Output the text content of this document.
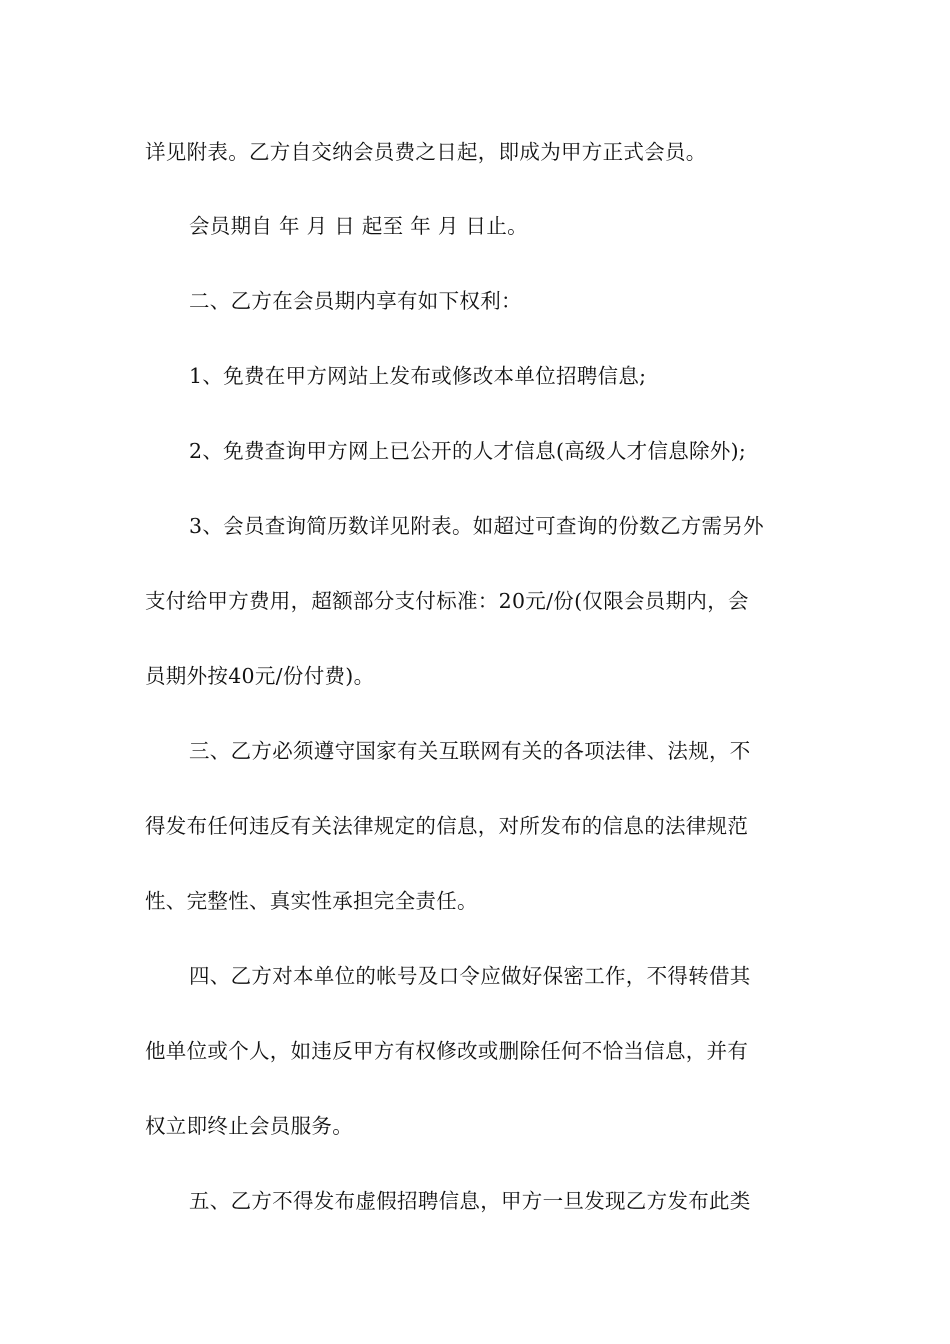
详见附表。乙方自交纳会员费之日起，即成为甲方正式会员。
会员期自 年 月 日 起至 年 月 日止。
二、乙方在会员期内享有如下权利：
1、免费在甲方网站上发布或修改本单位招聘信息;
2、免费查询甲方网上已公开的人才信息(高级人才信息除外);
3、会员查询简历数详见附表。如超过可查询的份数乙方需另外
支付给甲方费用，超额部分支付标准：20元/份(仅限会员期内，会
员期外按40元/份付费)。
三、乙方必须遵守国家有关互联网有关的各项法律、法规，不
得发布任何违反有关法律规定的信息，对所发布的信息的法律规范
性、完整性、真实性承担完全责任。
四、乙方对本单位的帐号及口令应做好保密工作，不得转借其
他单位或个人，如违反甲方有权修改或删除任何不恰当信息，并有
权立即终止会员服务。
五、乙方不得发布虚假招聘信息，甲方一旦发现乙方发布此类
